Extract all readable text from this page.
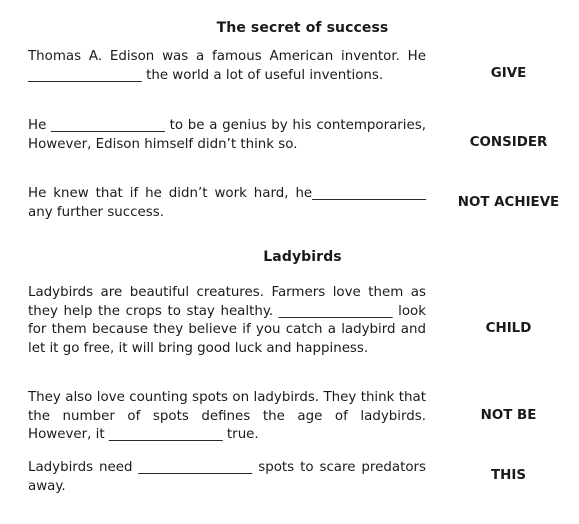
The secret of success
Thomas A. Edison was a famous American inventor. He _________________ the world a lot of useful inventions.	GIVE
He _________________ to be a genius by his contemporaries, However, Edison himself didn’t think so.	CONSIDER
He knew that if he didn’t work hard, he_________________ any further success.
NOT ACHIEVE
Ladybirds
Ladybirds are beautiful creatures. Farmers love them as they help the crops to stay healthy. _________________ look for them because they believe if you catch a ladybird and let it go free, it will bring good luck and happiness.
CHILD
They also love counting spots on ladybirds. They think that the number of spots defines the age of ladybirds. However, it _________________ true.
NOT BE
Ladybirds need _________________ spots to scare predators away.
THIS
